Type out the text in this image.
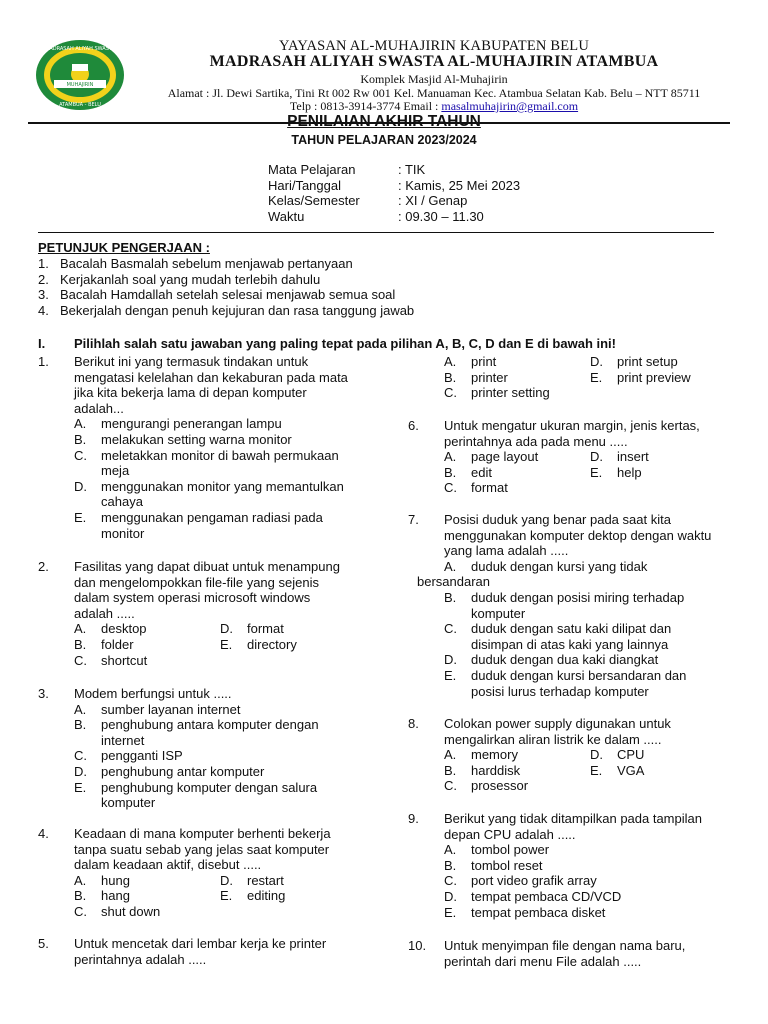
MADRASAH ALIYAH SWASTA
MUHAJIRIN
ATAMBUA - BELU
YAYASAN AL-MUHAJIRIN KABUPATEN BELU
MADRASAH ALIYAH SWASTA AL-MUHAJIRIN ATAMBUA
Komplek Masjid Al-Muhajirin
Alamat : Jl. Dewi Sartika, Tini Rt 002 Rw 001 Kel. Manuaman Kec. Atambua Selatan Kab. Belu – NTT 85711
Telp : 0813-3914-3774 Email : masalmuhajirin@gmail.com
PENILAIAN AKHIR TAHUN
TAHUN PELAJARAN 2023/2024
Mata Pelajaran	: TIK
Hari/Tanggal	: Kamis, 25 Mei 2023
Kelas/Semester	: XI / Genap
Waktu	: 09.30 – 11.30
PETUNJUK PENGERJAAN :
1. Bacalah Basmalah sebelum menjawab pertanyaan
2. Kerjakanlah soal yang mudah terlebih dahulu
3. Bacalah Hamdallah setelah selesai menjawab semua soal
4. Bekerjalah dengan penuh kejujuran dan rasa tanggung jawab
I.	Pilihlah salah satu jawaban yang paling tepat pada pilihan A, B, C, D dan E di bawah ini!
1. Berikut ini yang termasuk tindakan untuk
mengatasi kelelahan dan kekaburan pada mata
jika kita bekerja lama di depan komputer
adalah...
A.	mengurangi penerangan lampu
B.	melakukan setting warna monitor
C.	meletakkan monitor di bawah permukaan
meja
D.	menggunakan monitor yang memantulkan
cahaya
E.	menggunakan pengaman radiasi pada
monitor
2. Fasilitas yang dapat dibuat untuk menampung
dan mengelompokkan file-file yang sejenis
dalam system operasi microsoft windows
adalah .....
A.	desktop	D.	format
B.	folder	E.	directory
C.	shortcut
3. Modem berfungsi untuk .....
A.	sumber layanan internet
B.	penghubung antara komputer dengan
internet
C.	pengganti ISP
D.	penghubung antar komputer
E.	penghubung komputer dengan salura
komputer
4. Keadaan di mana komputer berhenti bekerja
tanpa suatu sebab yang jelas saat komputer
dalam keadaan aktif, disebut .....
A.	hung	D.	restart
B.	hang	E.	editing
C.	shut down
5. Untuk mencetak dari lembar kerja ke printer
perintahnya adalah .....
A.	print	D.	print setup
B.	printer	E.	print preview
C.	printer setting
6. Untuk mengatur ukuran margin, jenis kertas,
perintahnya ada pada menu .....
A.	page layout	D.	insert
B.	edit	E.	help
C.	format
7. Posisi duduk yang benar pada saat kita
menggunakan komputer dektop dengan waktu
yang lama adalah .....
A.	duduk dengan kursi yang tidak
bersandaran
B.	duduk dengan posisi miring terhadap
komputer
C.	duduk dengan satu kaki dilipat dan
disimpan di atas kaki yang lainnya
D.	duduk dengan dua kaki diangkat
E.	duduk dengan kursi bersandaran dan
posisi lurus terhadap komputer
8. Colokan power supply digunakan untuk
mengalirkan aliran listrik ke dalam .....
A.	memory	D.	CPU
B.	harddisk	E.	VGA
C.	prosessor
9. Berikut yang tidak ditampilkan pada tampilan
depan CPU adalah .....
A.	tombol power
B.	tombol reset
C.	port video grafik array
D.	tempat pembaca CD/VCD
E.	tempat pembaca disket
10. Untuk menyimpan file dengan nama baru,
perintah dari menu File adalah .....
